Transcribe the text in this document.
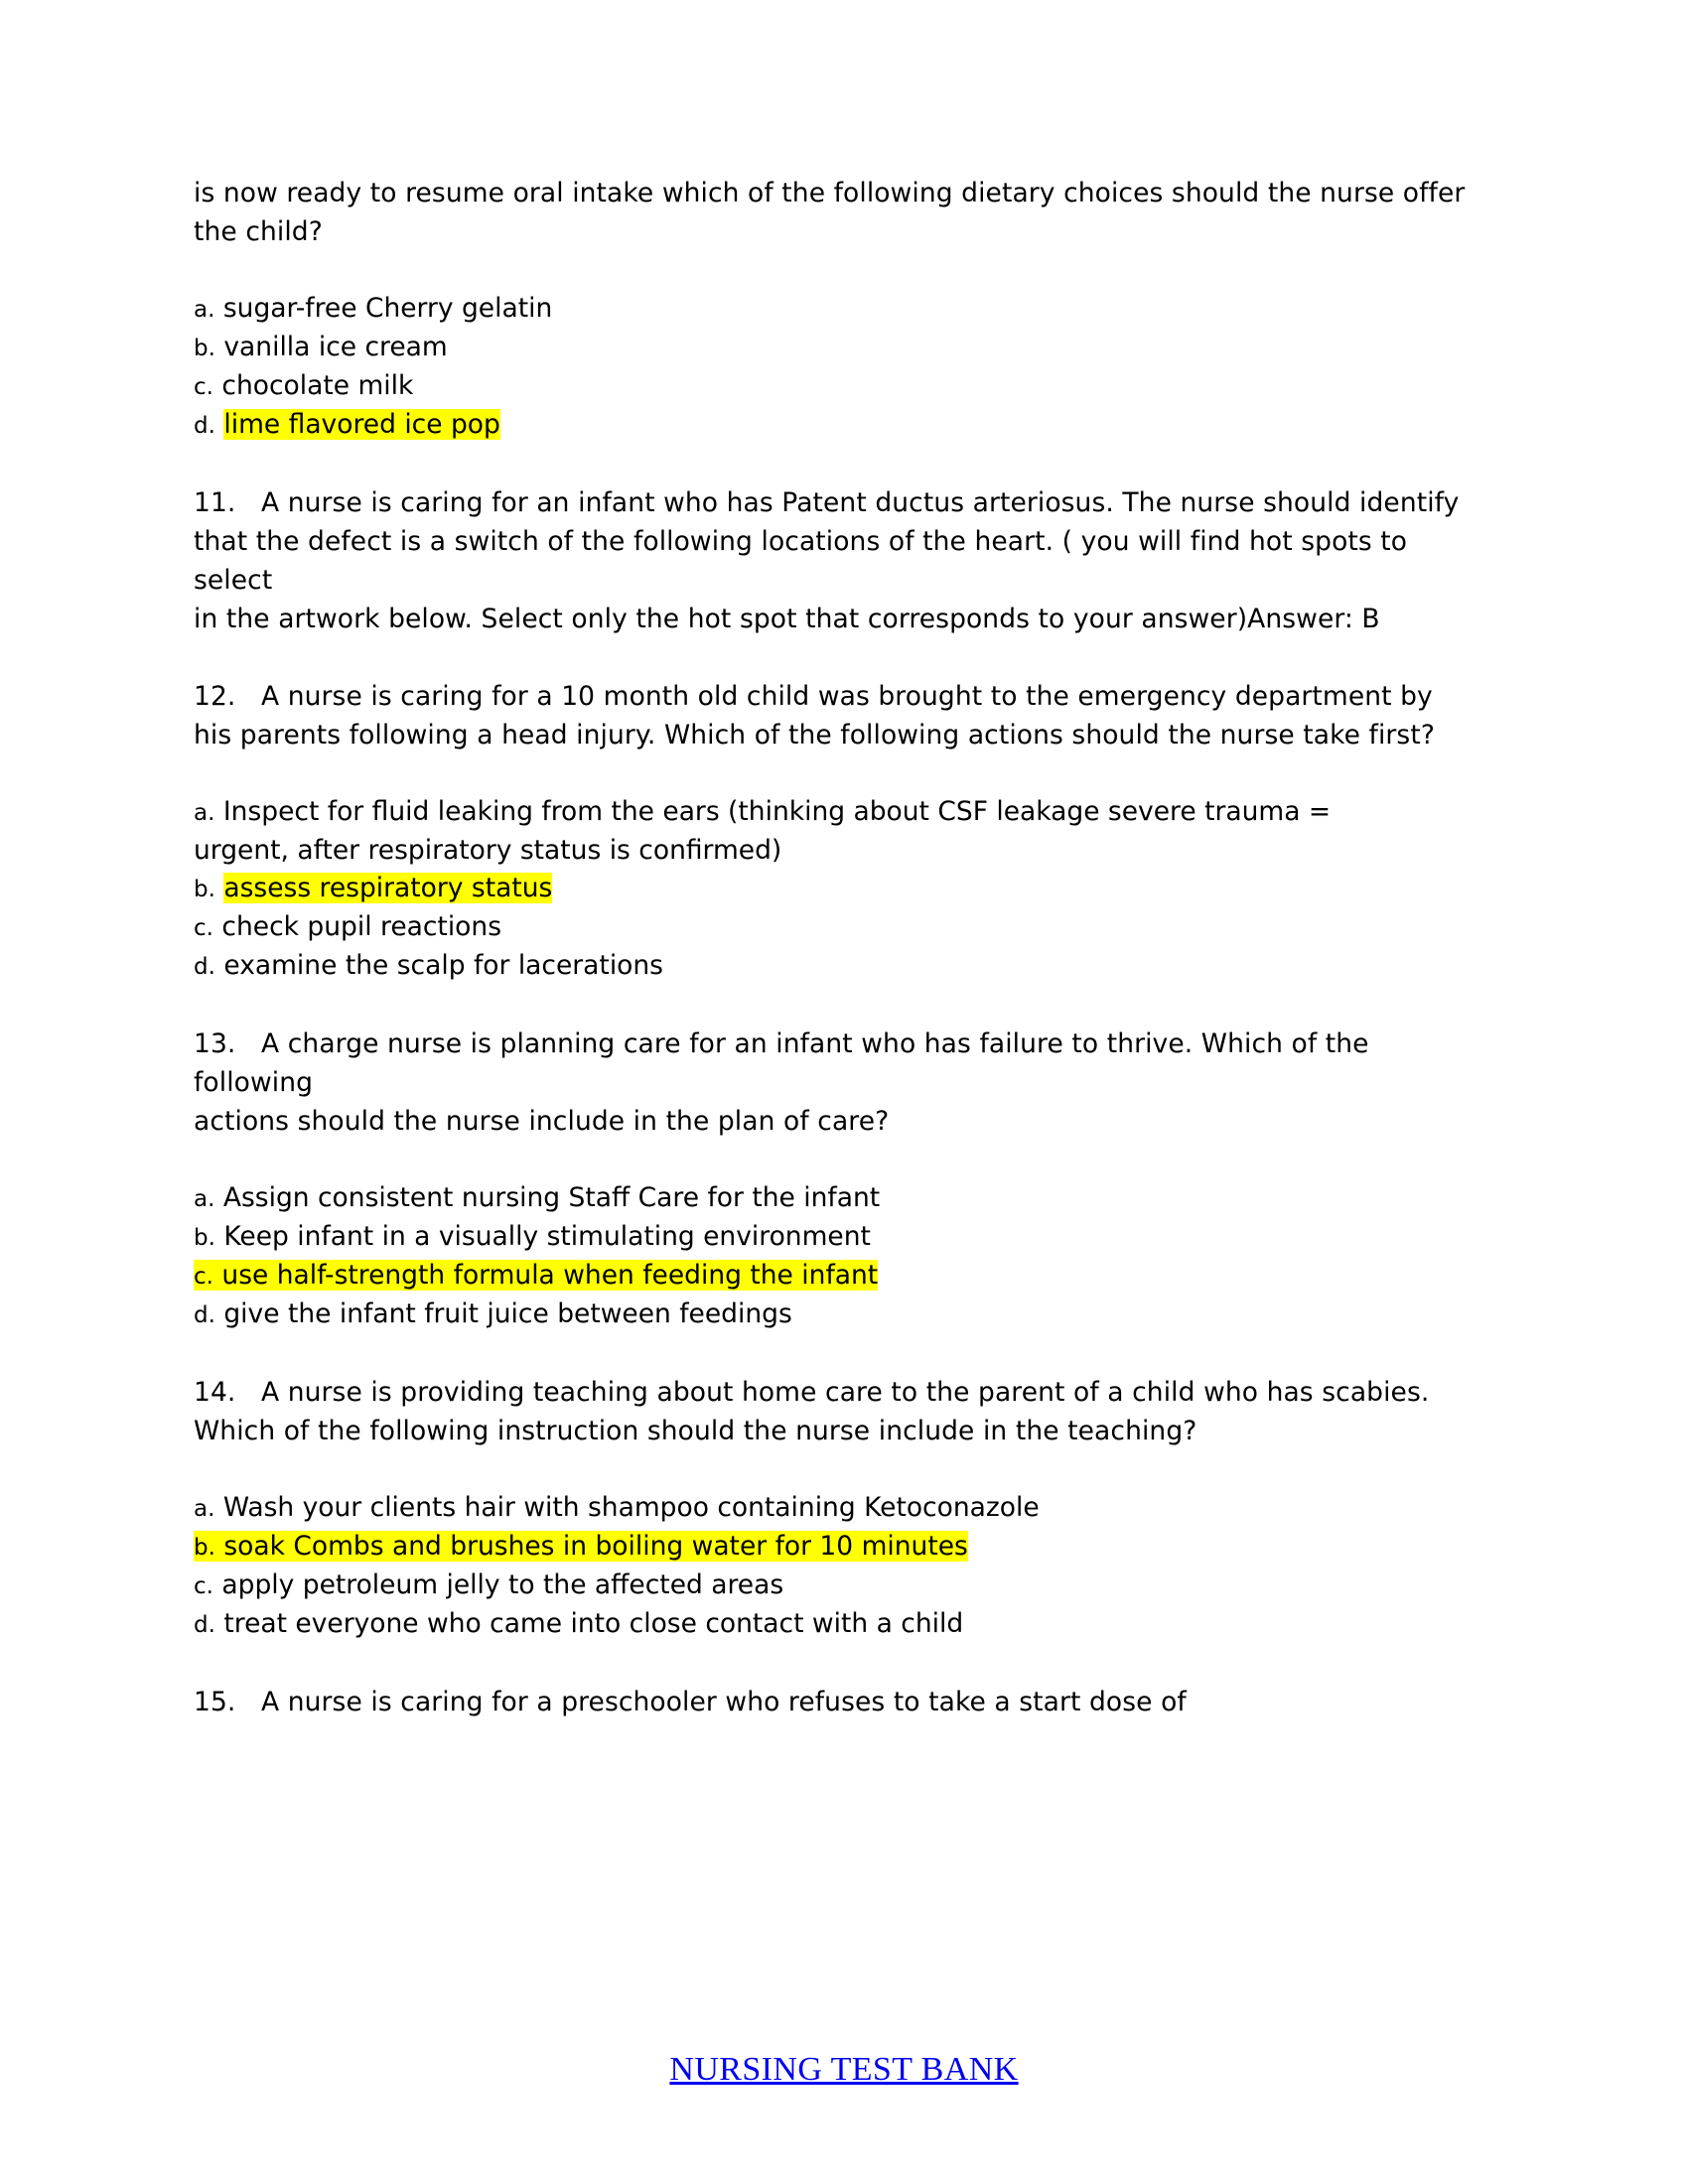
is now ready to resume oral intake which of the following dietary choices should the nurse offer
the child?
a. sugar-free Cherry gelatin
b. vanilla ice cream
c. chocolate milk
d. lime flavored ice pop
11.   A nurse is caring for an infant who has Patent ductus arteriosus. The nurse should identify
that the defect is a switch of the following locations of the heart. ( you will find hot spots to select
in the artwork below. Select only the hot spot that corresponds to your answer)Answer: B
12.   A nurse is caring for a 10 month old child was brought to the emergency department by his parents following a head injury. Which of the following actions should the nurse take first?
a. Inspect for fluid leaking from the ears (thinking about CSF leakage severe trauma =
urgent, after respiratory status is confirmed)
b. assess respiratory status
c. check pupil reactions
d. examine the scalp for lacerations
13.   A charge nurse is planning care for an infant who has failure to thrive. Which of the following
actions should the nurse include in the plan of care?
a. Assign consistent nursing Staff Care for the infant
b. Keep infant in a visually stimulating environment
c. use half-strength formula when feeding the infant
d. give the infant fruit juice between feedings
14.   A nurse is providing teaching about home care to the parent of a child who has scabies. Which of the following instruction should the nurse include in the teaching?
a. Wash your clients hair with shampoo containing Ketoconazole
b. soak Combs and brushes in boiling water for 10 minutes
c. apply petroleum jelly to the affected areas
d. treat everyone who came into close contact with a child
15.   A nurse is caring for a preschooler who refuses to take a start dose of
NURSING TEST BANK
